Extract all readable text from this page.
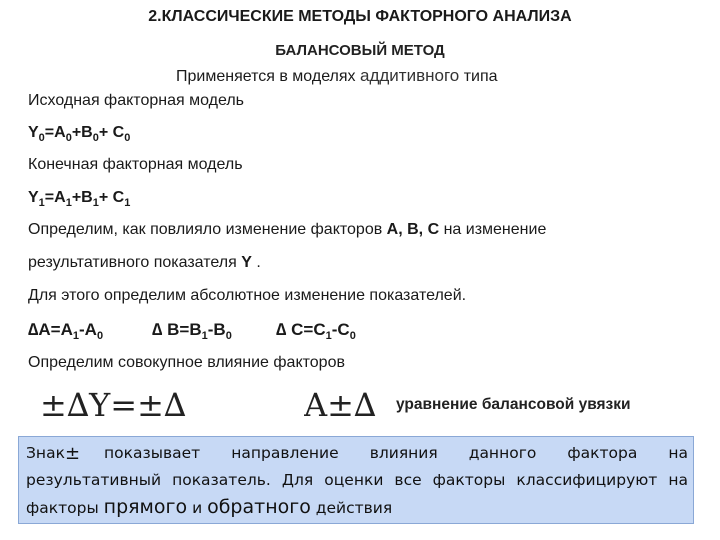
2.КЛАССИЧЕСКИЕ МЕТОДЫ ФАКТОРНОГО АНАЛИЗА
БАЛАНСОВЫЙ МЕТОД
Применяется в моделях аддитивного типа
Исходная факторная модель
$Y_0=A_0+B_0+ C_0$
Конечная факторная модель
$Y_1=A_1+B_1+ C_1$
Определим, как повлияло изменение факторов А, В, С на изменение
результативного показателя Y .
Для этого определим абсолютное изменение показателей.
$\Delta А=А_1-А_0$	∆ $В=В_1-В_0$	∆ $С=С_1-С_0$
Определим совокупное влияние факторов
±∆Y=±∆	A±∆	уравнение балансовой увязки
Знак ± показывает направление влияния данного фактора на
результативный показатель. Для оценки все факторы классифицируют на
факторы прямого и обратного действия
